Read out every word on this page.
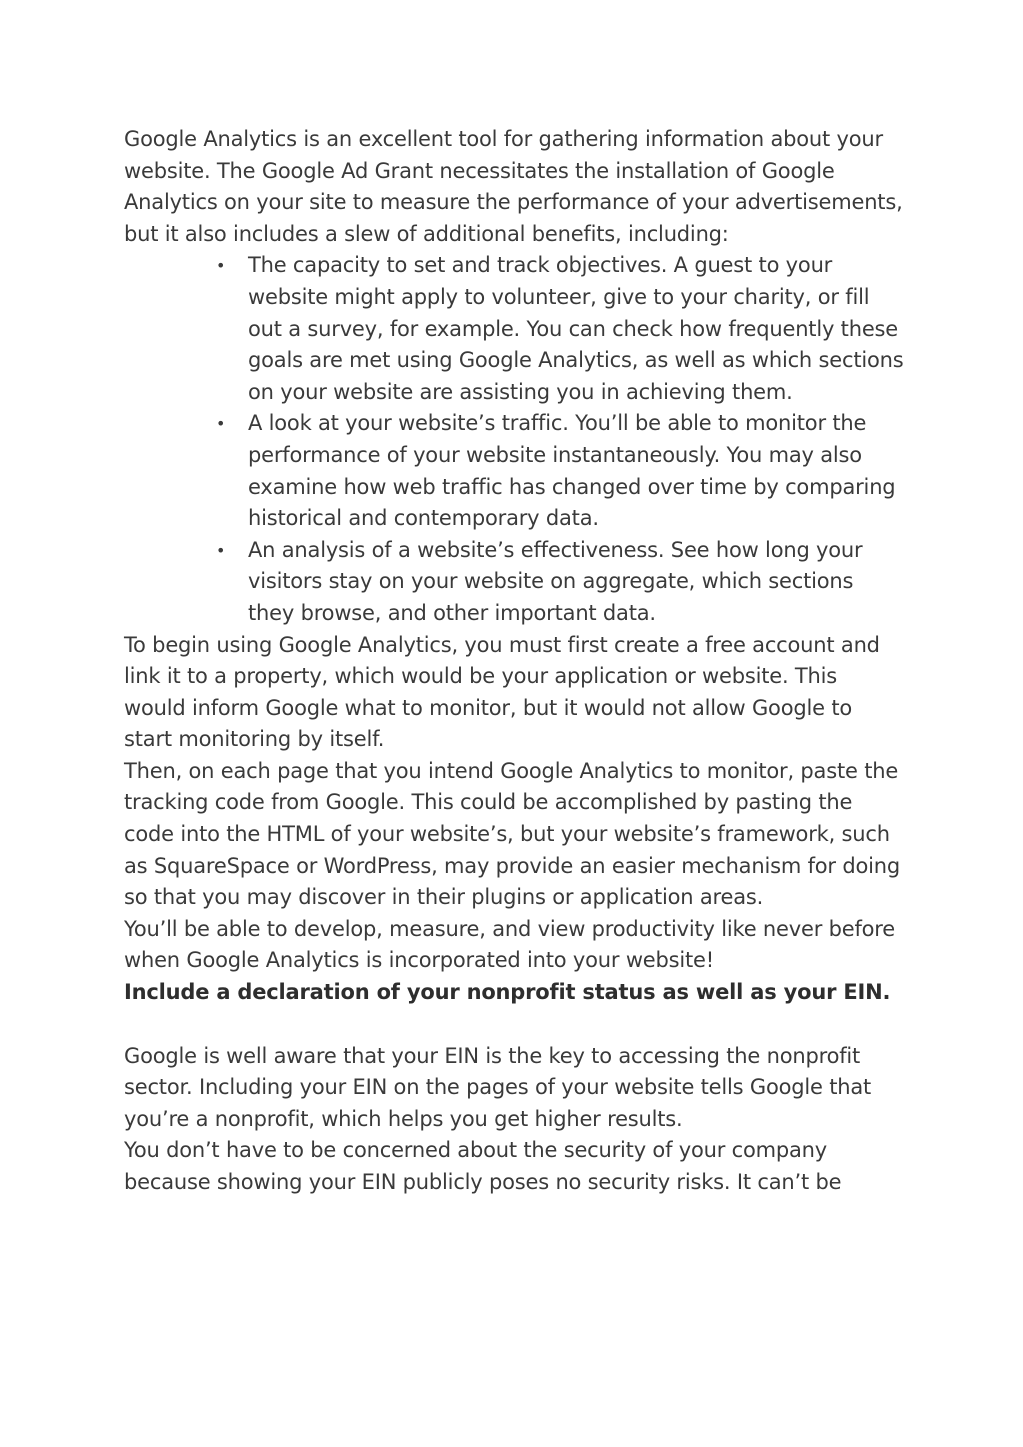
Google Analytics is an excellent tool for gathering information about your website. The Google Ad Grant necessitates the installation of Google Analytics on your site to measure the performance of your advertisements, but it also includes a slew of additional benefits, including:

• The capacity to set and track objectives. A guest to your website might apply to volunteer, give to your charity, or fill out a survey, for example. You can check how frequently these goals are met using Google Analytics, as well as which sections on your website are assisting you in achieving them.
• A look at your website’s traffic. You’ll be able to monitor the performance of your website instantaneously. You may also examine how web traffic has changed over time by comparing historical and contemporary data.
• An analysis of a website’s effectiveness. See how long your visitors stay on your website on aggregate, which sections they browse, and other important data.

To begin using Google Analytics, you must first create a free account and link it to a property, which would be your application or website. This would inform Google what to monitor, but it would not allow Google to start monitoring by itself.

Then, on each page that you intend Google Analytics to monitor, paste the tracking code from Google. This could be accomplished by pasting the code into the HTML of your website’s, but your website’s framework, such as SquareSpace or WordPress, may provide an easier mechanism for doing so that you may discover in their plugins or application areas.

You’ll be able to develop, measure, and view productivity like never before when Google Analytics is incorporated into your website!

Include a declaration of your nonprofit status as well as your EIN.

Google is well aware that your EIN is the key to accessing the nonprofit sector. Including your EIN on the pages of your website tells Google that you’re a nonprofit, which helps you get higher results.

You don’t have to be concerned about the security of your company because showing your EIN publicly poses no security risks. It can’t be
